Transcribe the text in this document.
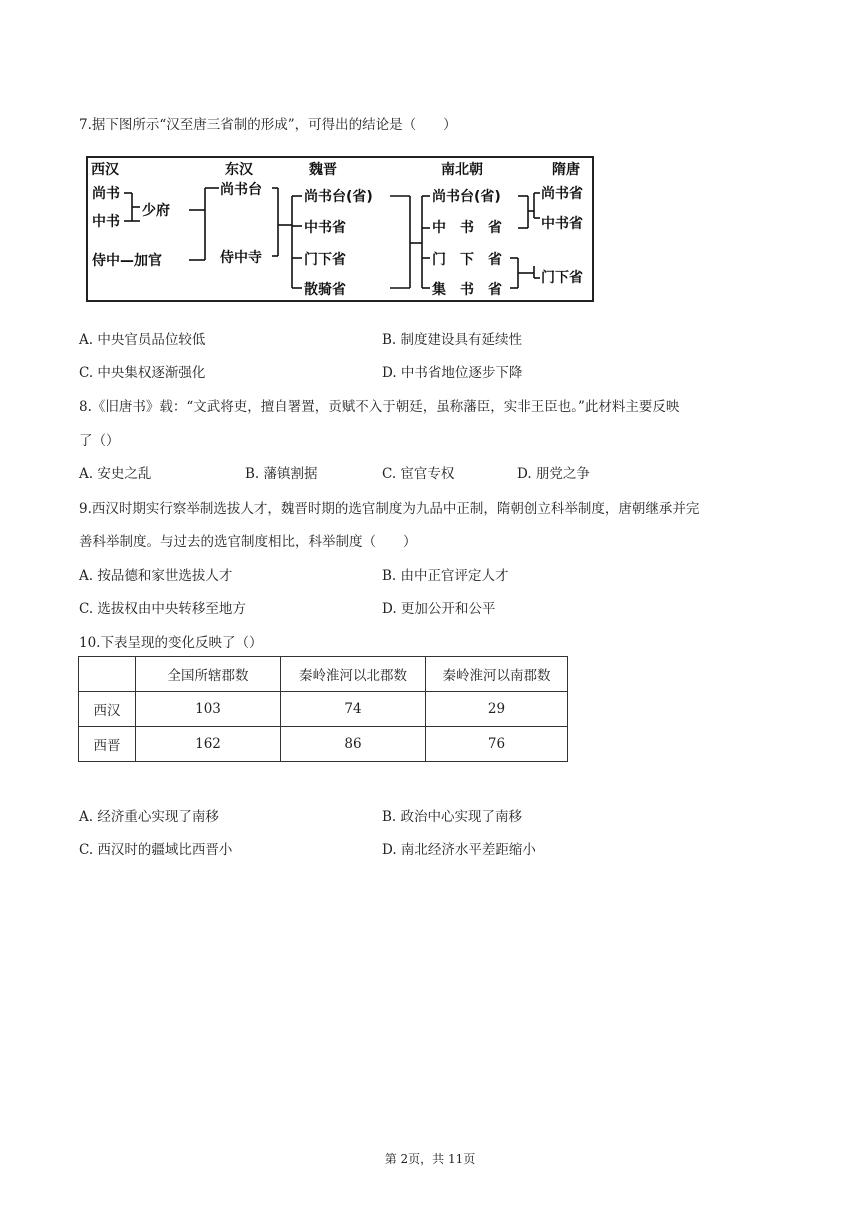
7.据下图所示“汉至唐三省制的形成”，可得出的结论是（　　）
西汉	东汉	魏晋	南北朝	隋唐
尚书
中书
少府
侍中—加官
尚书台
侍中寺
尚书台(省)
中书省
门下省
散骑省
尚书台(省)
中　书　省
门　下　省
集　书　省
尚书省
中书省
门下省
A. 中央官员品位较低	B. 制度建设具有延续性
C. 中央集权逐渐强化	D. 中书省地位逐步下降
8.《旧唐书》载：“文武将吏，擅自署置，贡赋不入于朝廷，虽称藩臣，实非王臣也。”此材料主要反映
了（）
A. 安史之乱	B. 藩镇割据	C. 宦官专权	D. 朋党之争
9.西汉时期实行察举制选拔人才，魏晋时期的选官制度为九品中正制，隋朝创立科举制度，唐朝继承并完
善科举制度。与过去的选官制度相比，科举制度（　　）
A. 按品德和家世选拔人才	B. 由中正官评定人才
C. 选拔权由中央转移至地方	D. 更加公开和公平
10.下表呈现的变化反映了（）
	全国所辖郡数	秦岭淮河以北郡数	秦岭淮河以南郡数
西汉	103	74	29
西晋	162	86	76
A. 经济重心实现了南移	B. 政治中心实现了南移
C. 西汉时的疆域比西晋小	D. 南北经济水平差距缩小
第 2页，共 11页
